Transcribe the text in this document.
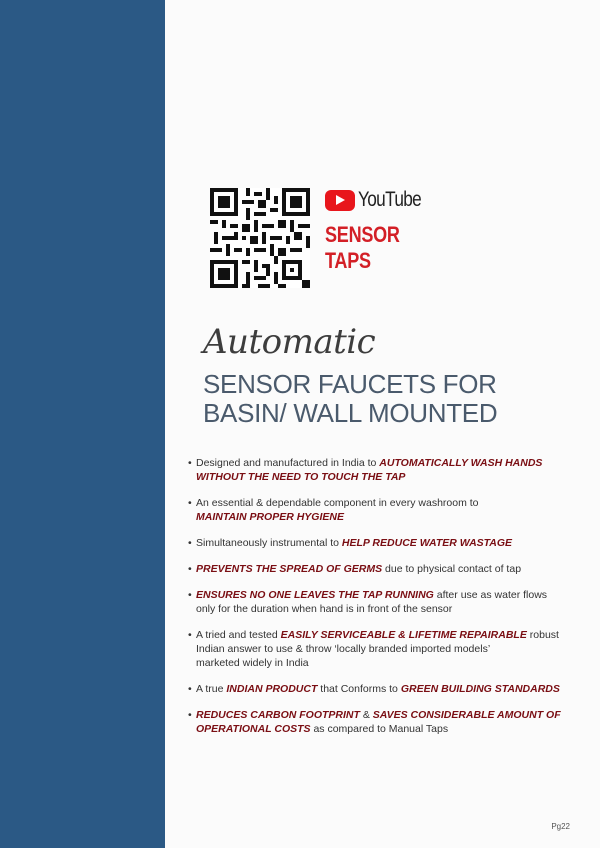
YouTube
SENSOR
TAPS
Automatic
SENSOR FAUCETS FOR
BASIN/ WALL MOUNTED
• Designed and manufactured in India to AUTOMATICALLY WASH HANDS
WITHOUT THE NEED TO TOUCH THE TAP
• An essential & dependable component in every washroom to
MAINTAIN PROPER HYGIENE
• Simultaneously instrumental to HELP REDUCE WATER WASTAGE
• PREVENTS THE SPREAD OF GERMS due to physical contact of tap
• ENSURES NO ONE LEAVES THE TAP RUNNING after use as water flows
only for the duration when hand is in front of the sensor
• A tried and tested EASILY SERVICEABLE & LIFETIME REPAIRABLE robust
Indian answer to use & throw ‘locally branded imported models’
marketed widely in India
• A true INDIAN PRODUCT that Conforms to GREEN BUILDING STANDARDS
• REDUCES CARBON FOOTPRINT & SAVES CONSIDERABLE AMOUNT OF
OPERATIONAL COSTS as compared to Manual Taps
Pg22
